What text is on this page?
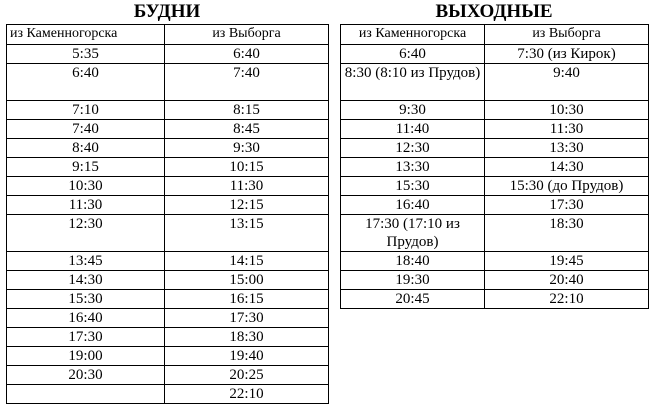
БУДНИ	ВЫХОДНЫЕ
из Каменногорска	из Выборга
5:35	6:40
6:40	7:40
7:10	8:15
7:40	8:45
8:40	9:30
9:15	10:15
10:30	11:30
11:30	12:15
12:30	13:15
13:45	14:15
14:30	15:00
15:30	16:15
16:40	17:30
17:30	18:30
19:00	19:40
20:30	20:25
	22:10
из Каменногорска	из Выборга
6:40	7:30 (из Кирок)
8:30 (8:10 из Прудов)	9:40
9:30	10:30
11:40	11:30
12:30	13:30
13:30	14:30
15:30	15:30 (до Прудов)
16:40	17:30
17:30 (17:10 из Прудов)	18:30
18:40	19:45
19:30	20:40
20:45	22:10
